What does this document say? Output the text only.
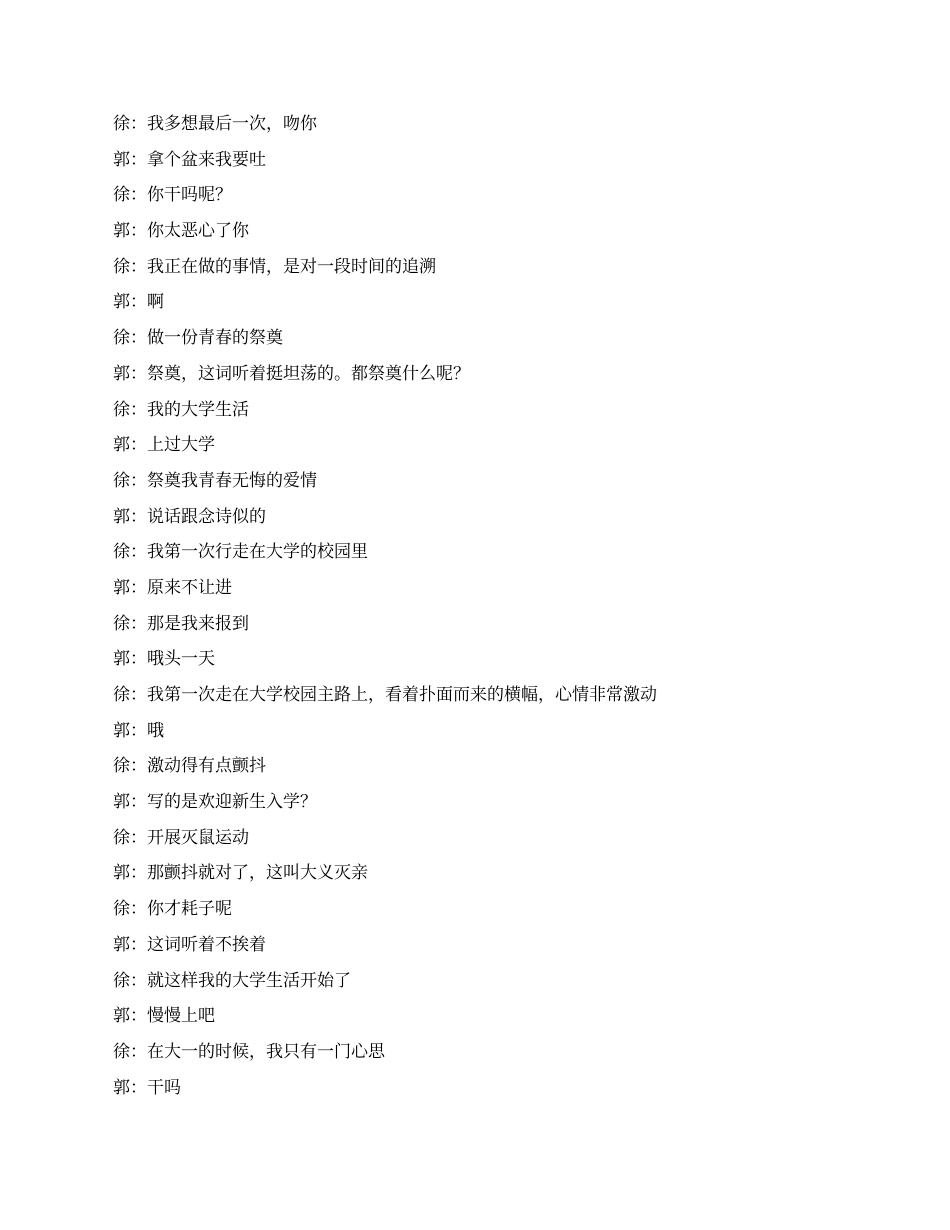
徐：我多想最后一次，吻你
郭：拿个盆来我要吐
徐：你干吗呢？
郭：你太恶心了你
徐：我正在做的事情，是对一段时间的追溯
郭：啊
徐：做一份青春的祭奠
郭：祭奠，这词听着挺坦荡的。都祭奠什么呢？
徐：我的大学生活
郭：上过大学
徐：祭奠我青春无悔的爱情
郭：说话跟念诗似的
徐：我第一次行走在大学的校园里
郭：原来不让进
徐：那是我来报到
郭：哦头一天
徐：我第一次走在大学校园主路上，看着扑面而来的横幅，心情非常激动
郭：哦
徐：激动得有点颤抖
郭：写的是欢迎新生入学？
徐：开展灭鼠运动
郭：那颤抖就对了，这叫大义灭亲
徐：你才耗子呢
郭：这词听着不挨着
徐：就这样我的大学生活开始了
郭：慢慢上吧
徐：在大一的时候，我只有一门心思
郭：干吗
